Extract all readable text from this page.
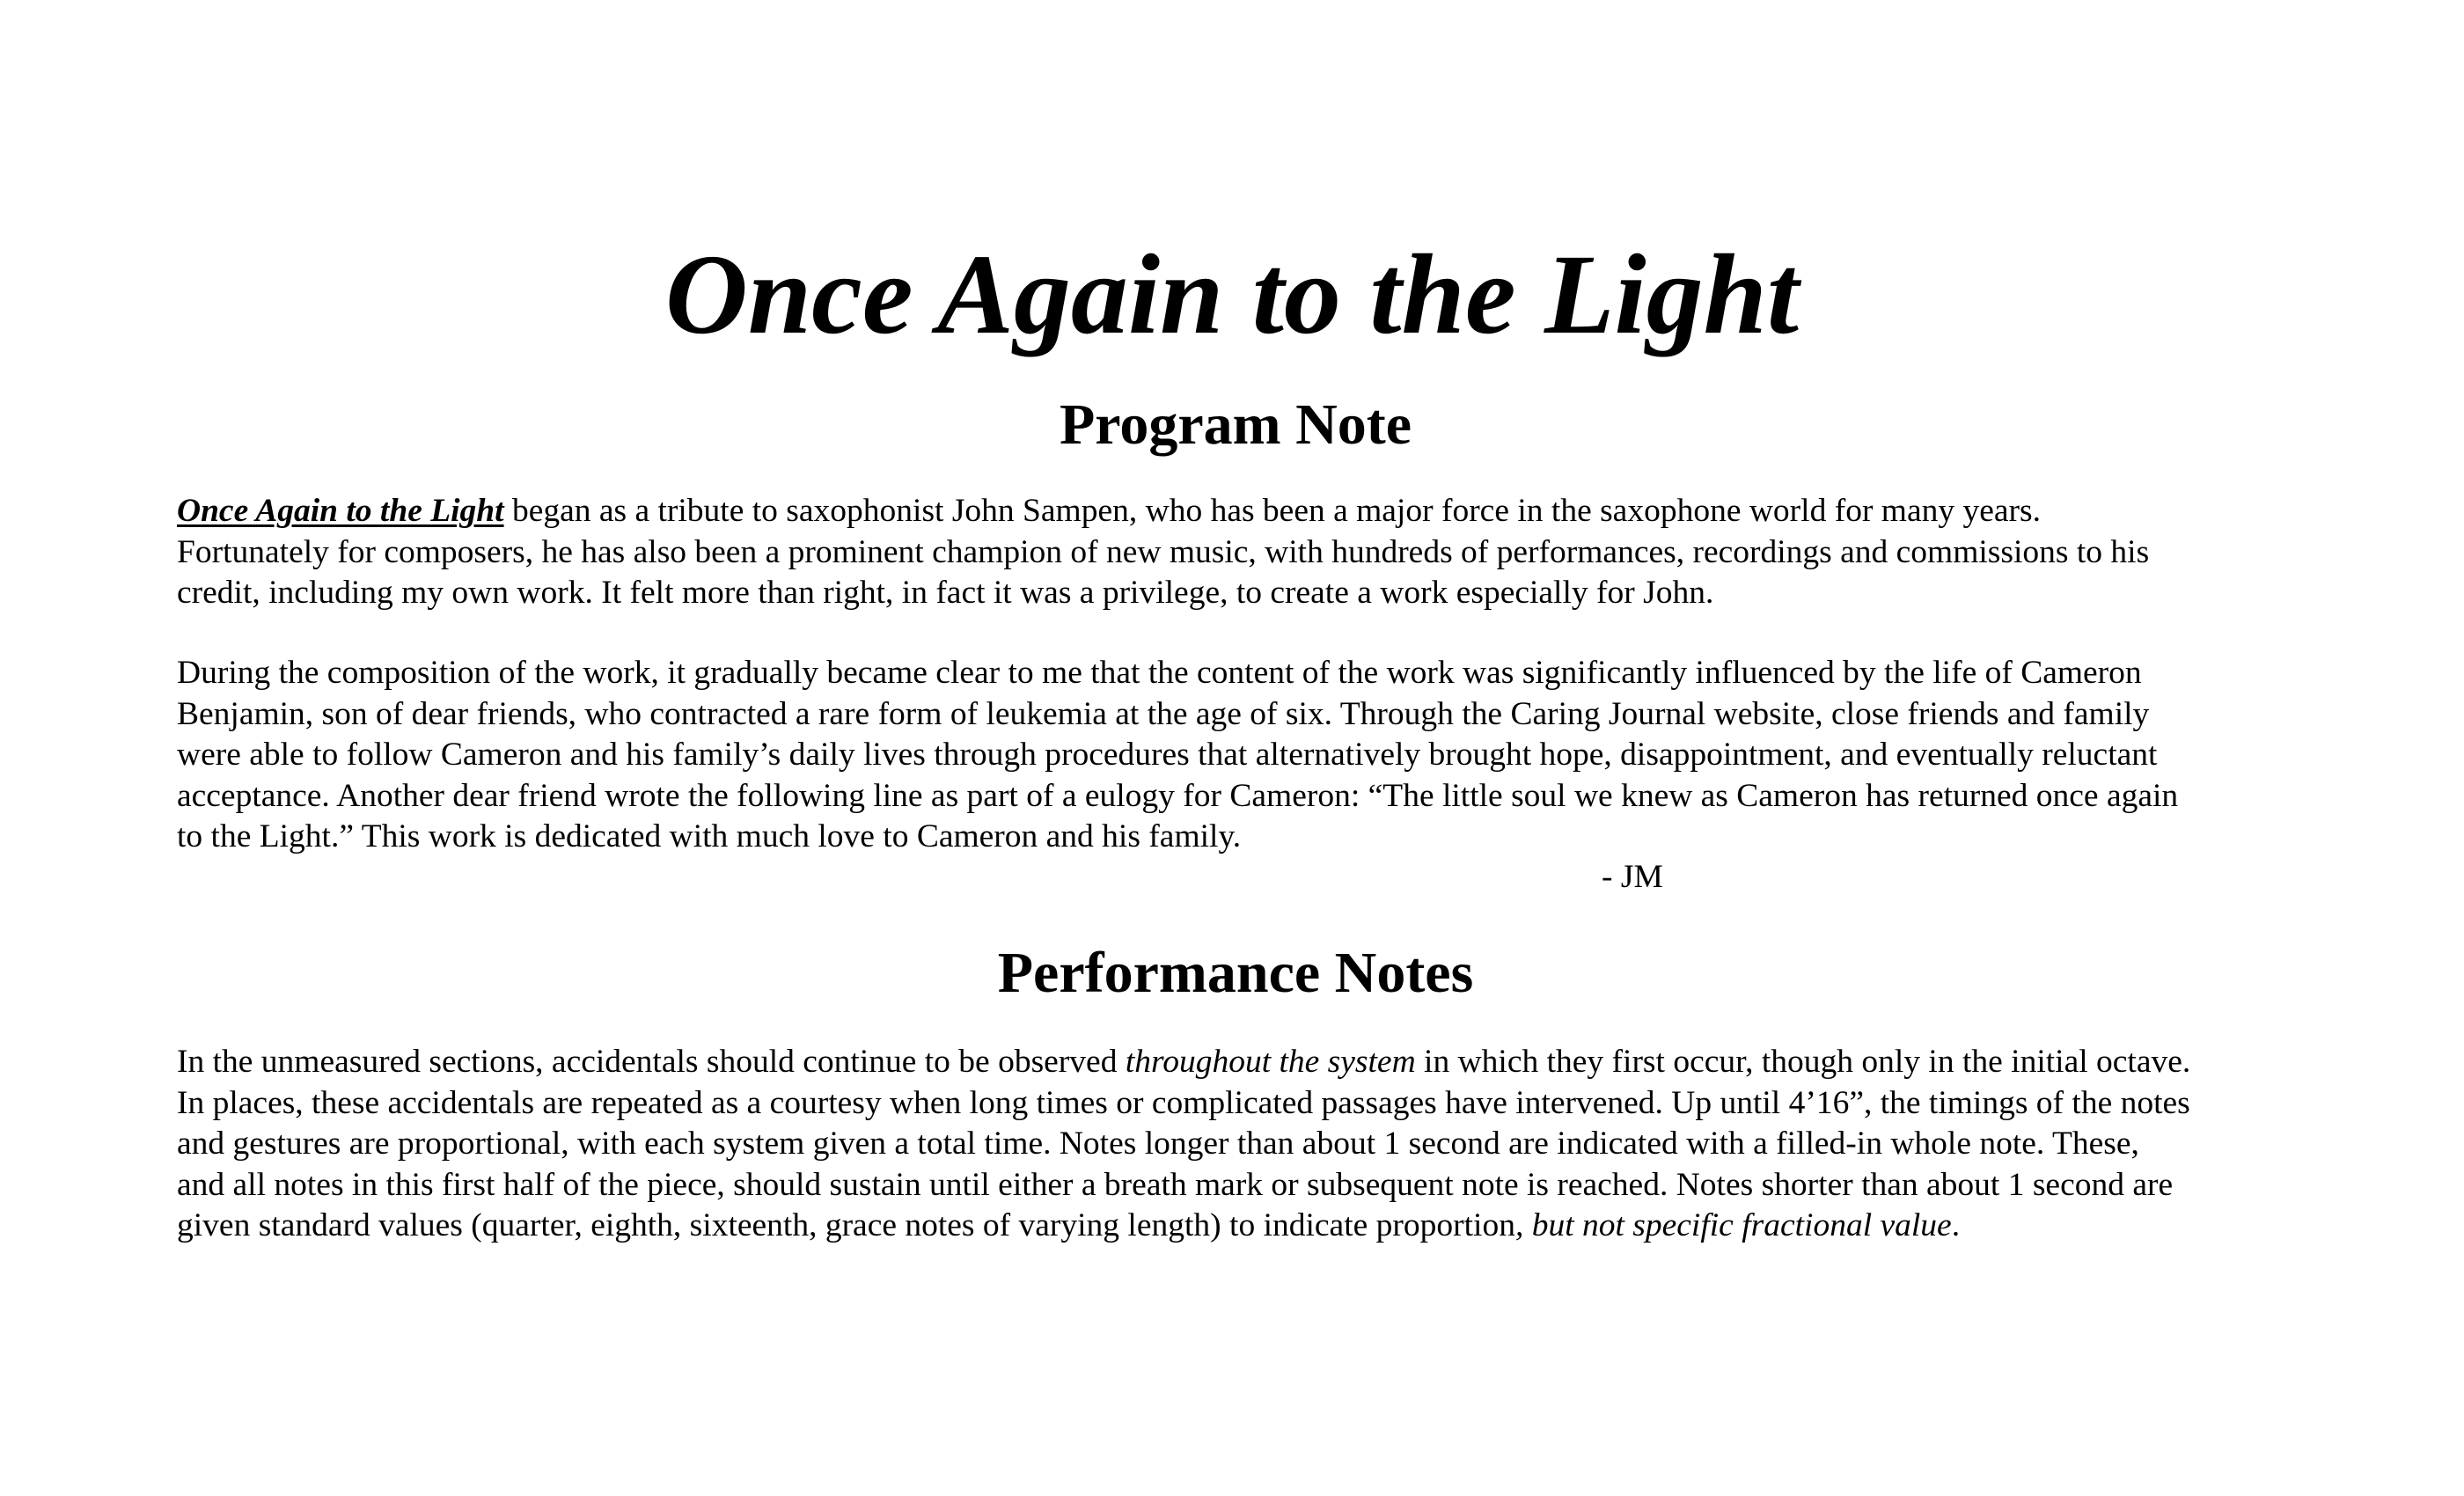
Once Again to the Light
Program Note

Once Again to the Light began as a tribute to saxophonist John Sampen, who has been a major force in the saxophone world for many years.
Fortunately for composers, he has also been a prominent champion of new music, with hundreds of performances, recordings and commissions to his
credit, including my own work. It felt more than right, in fact it was a privilege, to create a work especially for John.

During the composition of the work, it gradually became clear to me that the content of the work was significantly influenced by the life of Cameron
Benjamin, son of dear friends, who contracted a rare form of leukemia at the age of six. Through the Caring Journal website, close friends and family
were able to follow Cameron and his family’s daily lives through procedures that alternatively brought hope, disappointment, and eventually reluctant
acceptance. Another dear friend wrote the following line as part of a eulogy for Cameron: “The little soul we knew as Cameron has returned once again
to the Light.” This work is dedicated with much love to Cameron and his family.

- JM

Performance Notes

In the unmeasured sections, accidentals should continue to be observed throughout the system in which they first occur, though only in the initial octave.
In places, these accidentals are repeated as a courtesy when long times or complicated passages have intervened. Up until 4’16”, the timings of the notes
and gestures are proportional, with each system given a total time. Notes longer than about 1 second are indicated with a filled-in whole note. These,
and all notes in this first half of the piece, should sustain until either a breath mark or subsequent note is reached. Notes shorter than about 1 second are
given standard values (quarter, eighth, sixteenth, grace notes of varying length) to indicate proportion, but not specific fractional value.
